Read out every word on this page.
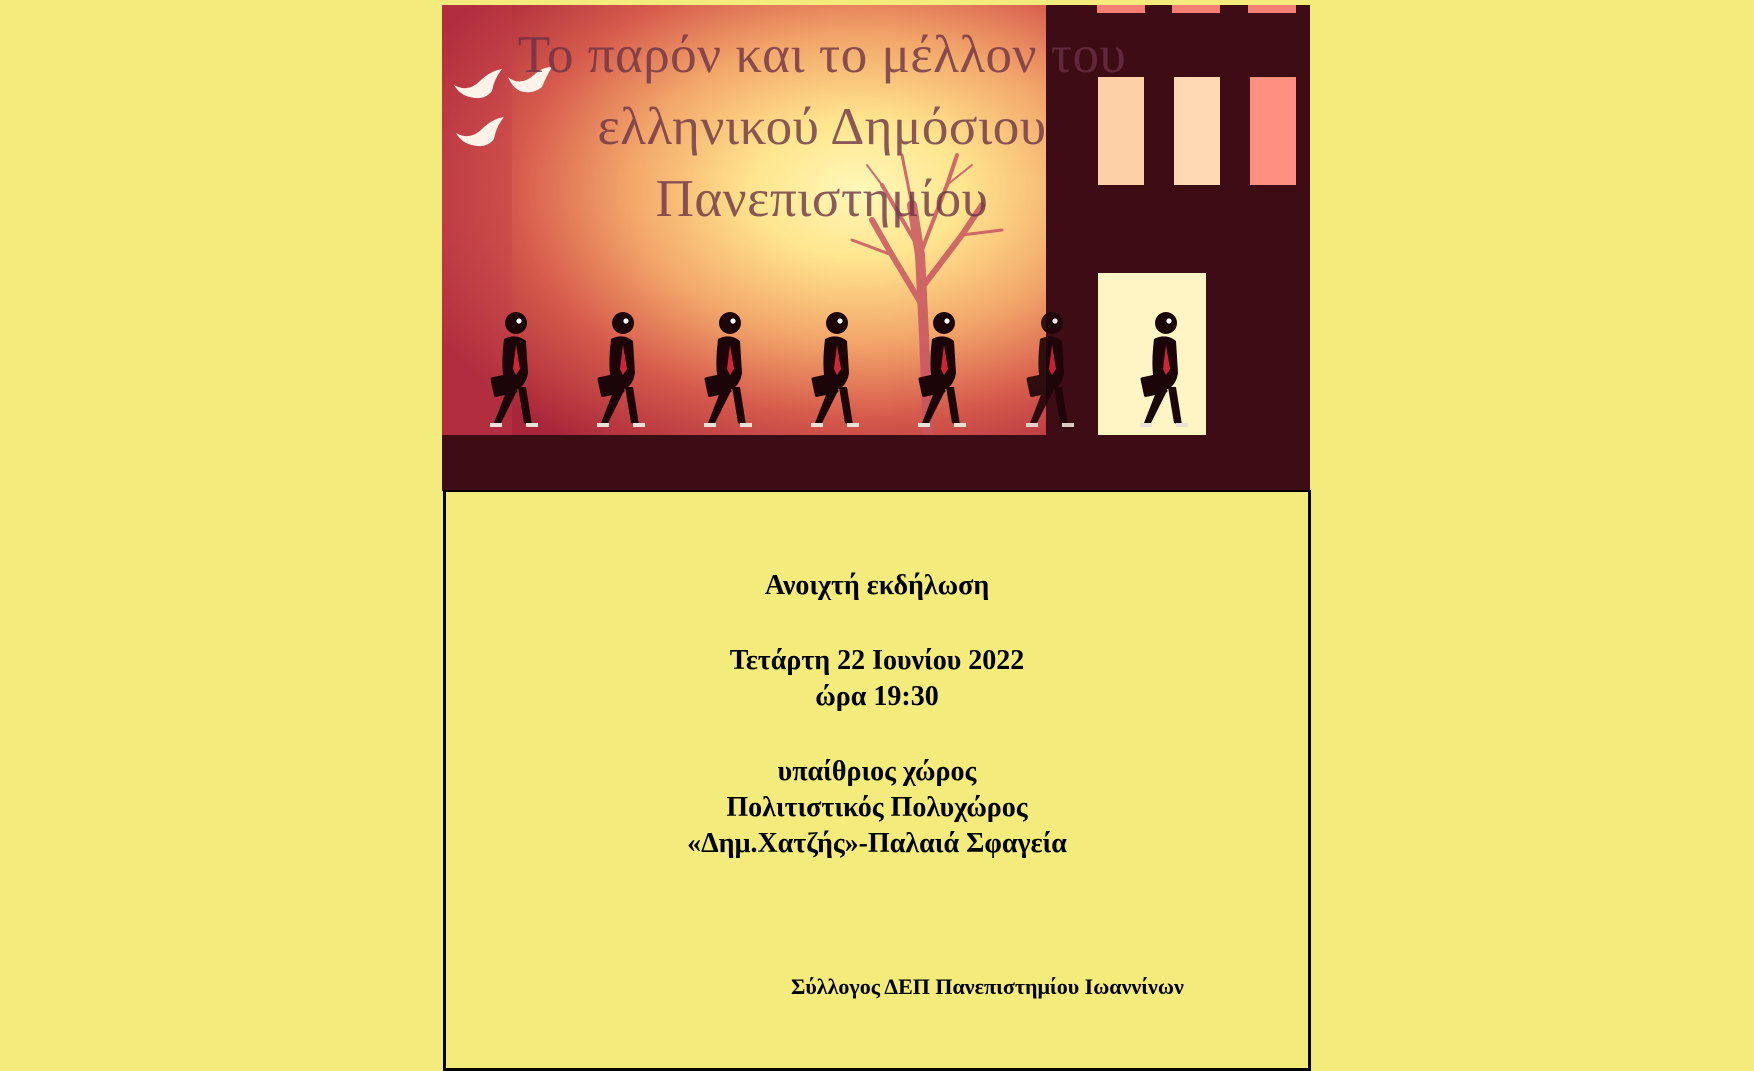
Το παρόν και το μέλλον του ελληνικού Δημόσιου Πανεπιστημίου

Ανοιχτή εκδήλωση

Τετάρτη 22 Ιουνίου 2022

ώρα 19:30

υπαίθριος χώρος

Πολιτιστικός Πολυχώρος

«Δημ.Χατζής»-Παλαιά Σφαγεία

Σύλλογος ΔΕΠ Πανεπιστημίου Ιωαννίνων
